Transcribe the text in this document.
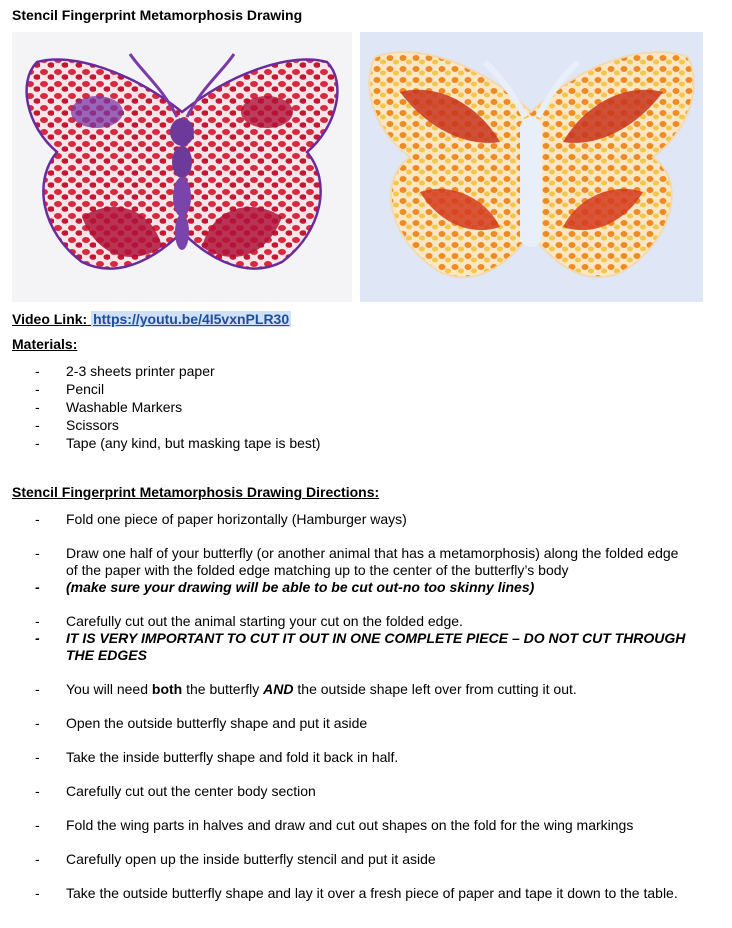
Stencil Fingerprint Metamorphosis Drawing
Video Link: https://youtu.be/4I5vxnPLR30
Materials:
- 2-3 sheets printer paper
- Pencil
- Washable Markers
- Scissors
- Tape (any kind, but masking tape is best)
Stencil Fingerprint Metamorphosis Drawing Directions:
- Fold one piece of paper horizontally (Hamburger ways)
- Draw one half of your butterfly (or another animal that has a metamorphosis) along the folded edge of the paper with the folded edge matching up to the center of the butterfly’s body
- (make sure your drawing will be able to be cut out-no too skinny lines)
- Carefully cut out the animal starting your cut on the folded edge.
- IT IS VERY IMPORTANT TO CUT IT OUT IN ONE COMPLETE PIECE – DO NOT CUT THROUGH THE EDGES
- You will need both the butterfly AND the outside shape left over from cutting it out.
- Open the outside butterfly shape and put it aside
- Take the inside butterfly shape and fold it back in half.
- Carefully cut out the center body section
- Fold the wing parts in halves and draw and cut out shapes on the fold for the wing markings
- Carefully open up the inside butterfly stencil and put it aside
- Take the outside butterfly shape and lay it over a fresh piece of paper and tape it down to the table.
